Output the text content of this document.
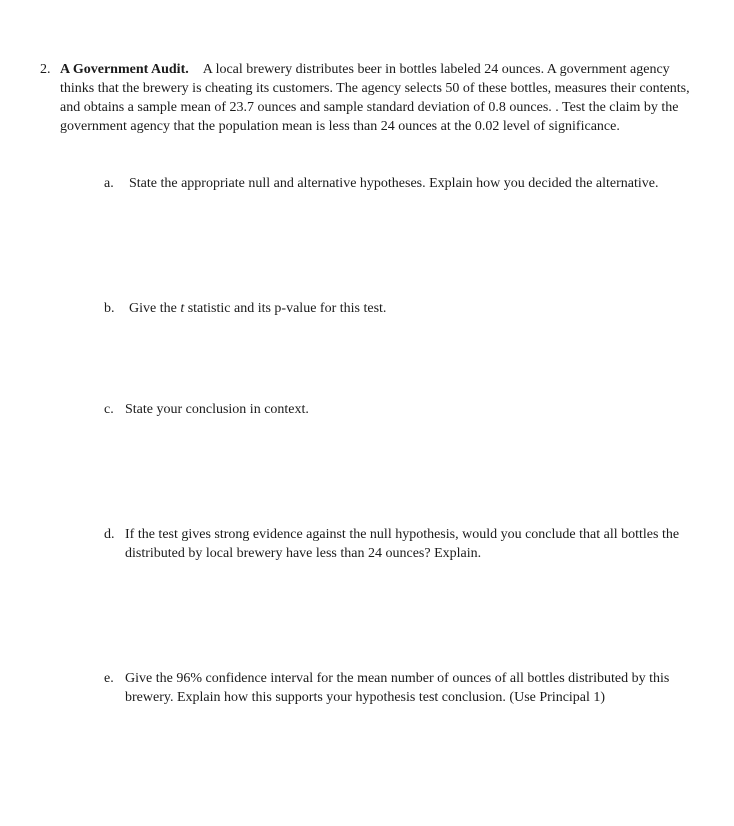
2. A Government Audit. A local brewery distributes beer in bottles labeled 24 ounces. A government agency thinks that the brewery is cheating its customers. The agency selects 50 of these bottles, measures their contents, and obtains a sample mean of 23.7 ounces and sample standard deviation of 0.8 ounces. . Test the claim by the government agency that the population mean is less than 24 ounces at the 0.02 level of significance.
a. State the appropriate null and alternative hypotheses. Explain how you decided the alternative.
b. Give the t statistic and its p-value for this test.
c. State your conclusion in context.
d. If the test gives strong evidence against the null hypothesis, would you conclude that all bottles the distributed by local brewery have less than 24 ounces? Explain.
e. Give the 96% confidence interval for the mean number of ounces of all bottles distributed by this brewery. Explain how this supports your hypothesis test conclusion. (Use Principal 1)
